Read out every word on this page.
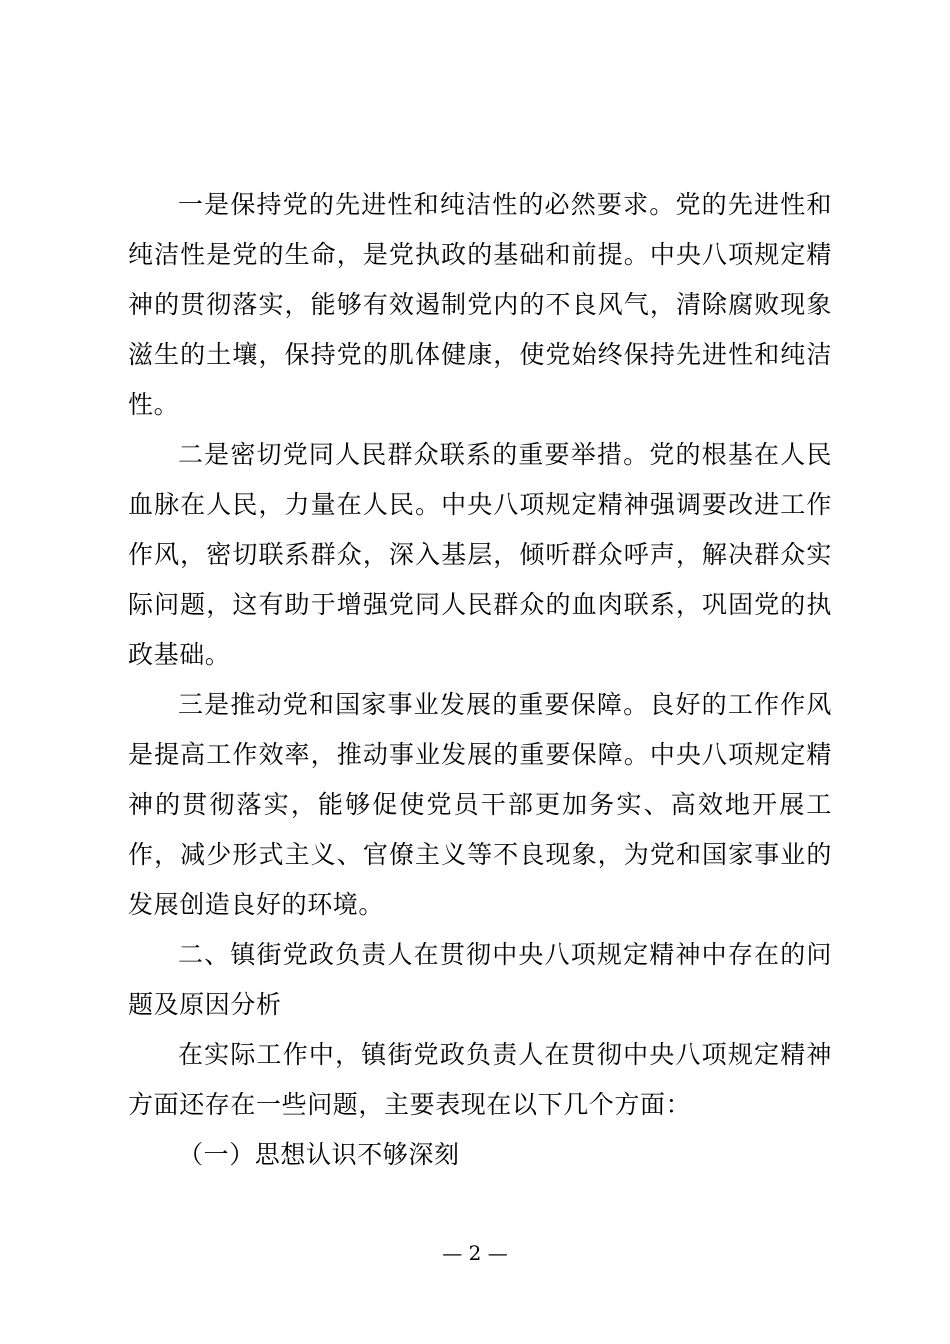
一是保持党的先进性和纯洁性的必然要求。党的先进性和纯洁性是党的生命，是党执政的基础和前提。中央八项规定精神的贯彻落实，能够有效遏制党内的不良风气，清除腐败现象滋生的土壤，保持党的肌体健康，使党始终保持先进性和纯洁性。

二是密切党同人民群众联系的重要举措。党的根基在人民血脉在人民，力量在人民。中央八项规定精神强调要改进工作作风，密切联系群众，深入基层，倾听群众呼声，解决群众实际问题，这有助于增强党同人民群众的血肉联系，巩固党的执政基础。

三是推动党和国家事业发展的重要保障。良好的工作作风是提高工作效率，推动事业发展的重要保障。中央八项规定精神的贯彻落实，能够促使党员干部更加务实、高效地开展工作，减少形式主义、官僚主义等不良现象，为党和国家事业的发展创造良好的环境。

二、镇街党政负责人在贯彻中央八项规定精神中存在的问题及原因分析

在实际工作中，镇街党政负责人在贯彻中央八项规定精神方面还存在一些问题，主要表现在以下几个方面：

（一）思想认识不够深刻

— 2 —
